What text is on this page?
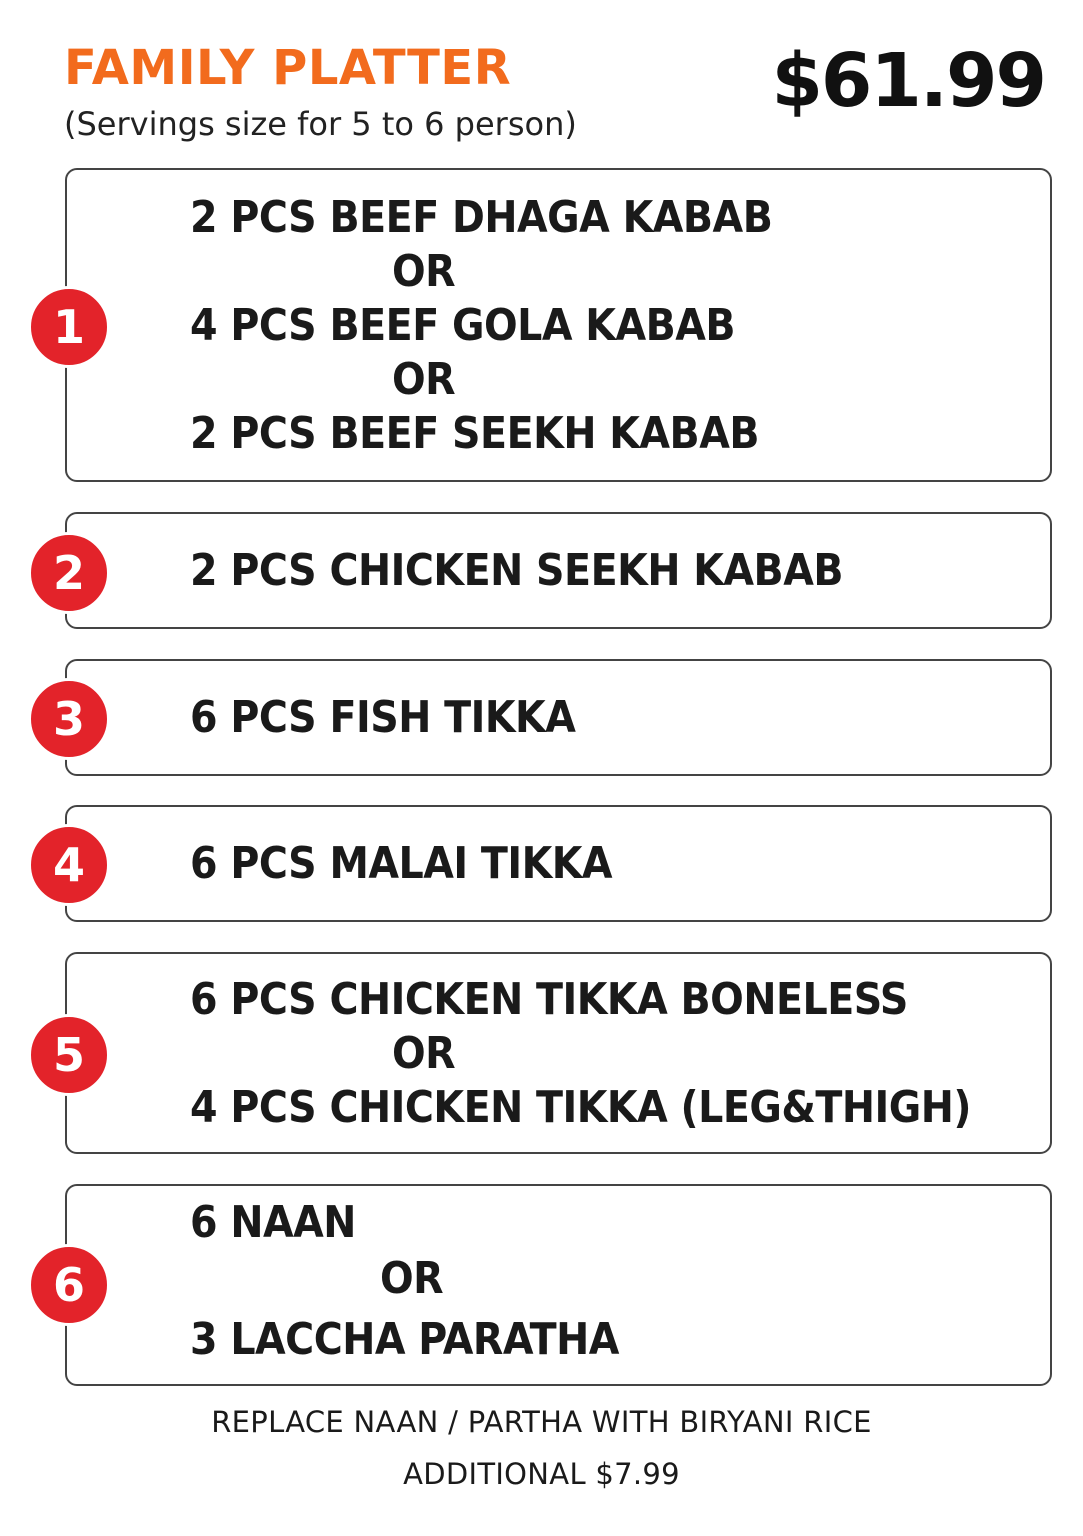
FAMILY PLATTER
(Servings size for 5 to 6 person)	$61.99
1
2 PCS BEEF DHAGA KABAB
OR
4 PCS BEEF GOLA KABAB
OR
2 PCS BEEF SEEKH KABAB
2	2 PCS CHICKEN SEEKH KABAB
3	6 PCS FISH TIKKA
4	6 PCS MALAI TIKKA
5
6 PCS CHICKEN TIKKA BONELESS
OR
4 PCS CHICKEN TIKKA (LEG&THIGH)
6
6 NAAN
OR
3 LACCHA PARATHA
REPLACE NAAN / PARTHA WITH BIRYANI RICE
ADDITIONAL $7.99
